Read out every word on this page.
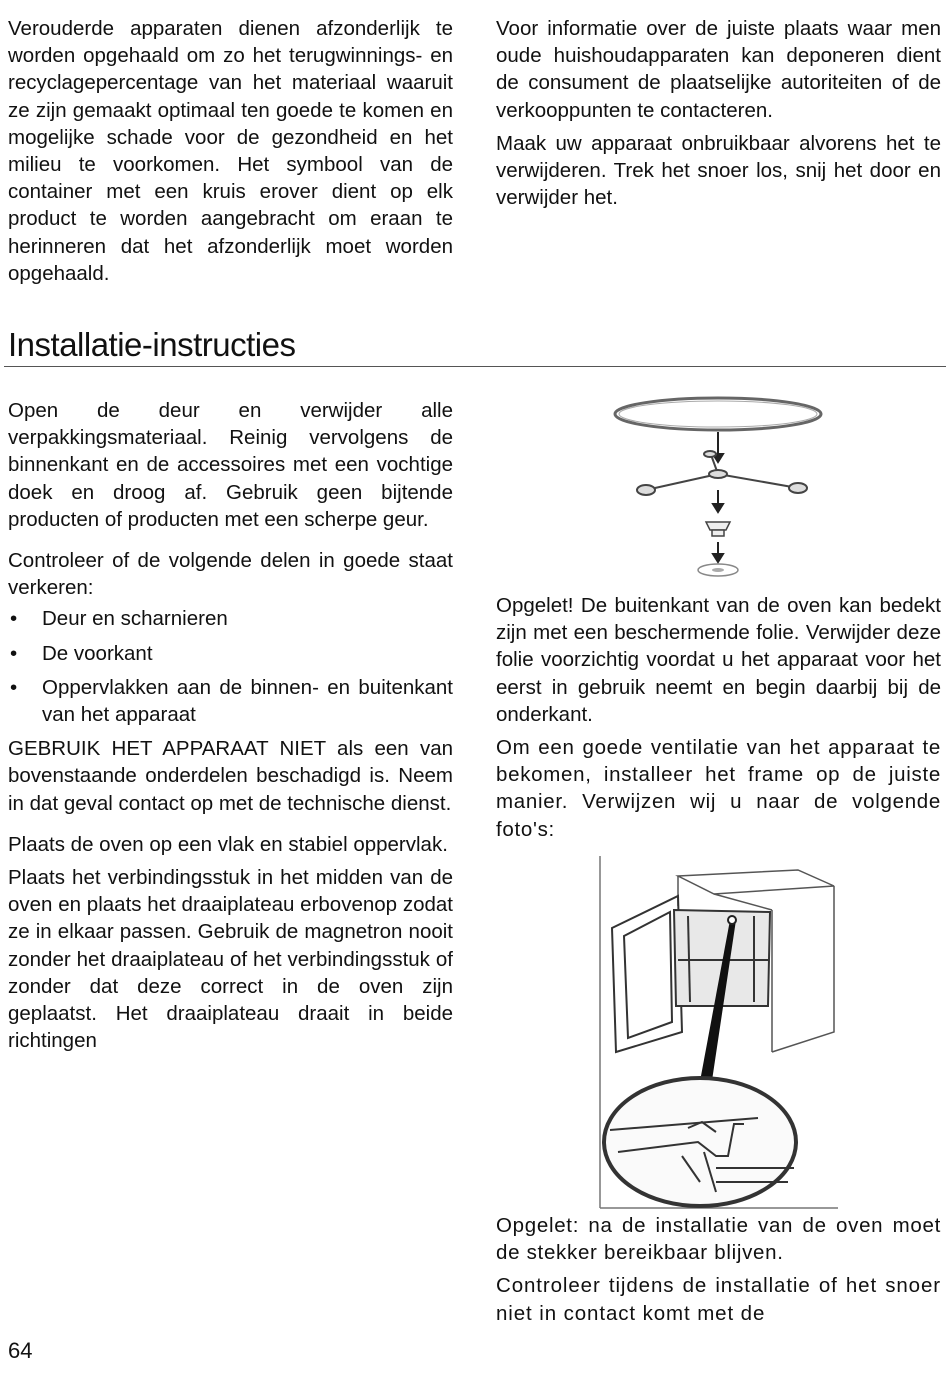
Verouderde apparaten dienen afzonderlijk te worden opgehaald om zo het terugwinnings- en recyclagepercentage van het materiaal waaruit ze zijn gemaakt optimaal ten goede te komen en mogelijke schade voor de gezondheid en het milieu te voorkomen. Het symbool van de container met een kruis erover dient op elk product te worden aangebracht om eraan te herinneren dat het afzonderlijk moet worden opgehaald.

Voor informatie over de juiste plaats waar men oude huishoudapparaten kan deponeren dient de consument de plaatselijke autoriteiten of de verkooppunten te contacteren.

Maak uw apparaat onbruikbaar alvorens het te verwijderen. Trek het snoer los, snij het door en verwijder het.

Installatie-instructies

Open de deur en verwijder alle verpakkingsmateriaal. Reinig vervolgens de binnenkant en de accessoires met een vochtige doek en droog af. Gebruik geen bijtende producten of producten met een scherpe geur.

Controleer of de volgende delen in goede staat verkeren:

• Deur en scharnieren
• De voorkant
• Oppervlakken aan de binnen- en buitenkant van het apparaat

GEBRUIK HET APPARAAT NIET als een van bovenstaande onderdelen beschadigd is. Neem in dat geval contact op met de technische dienst.

Plaats de oven op een vlak en stabiel oppervlak.

Plaats het verbindingsstuk in het midden van de oven en plaats het draaiplateau erbovenop zodat ze in elkaar passen. Gebruik de magnetron nooit zonder het draaiplateau of het verbindingsstuk of zonder dat deze correct in de oven zijn geplaatst. Het draaiplateau draait in beide richtingen

Opgelet! De buitenkant van de oven kan bedekt zijn met een beschermende folie. Verwijder deze folie voorzichtig voordat u het apparaat voor het eerst in gebruik neemt en begin daarbij bij de onderkant.

Om een goede ventilatie van het apparaat te bekomen, installeer het frame op de juiste manier. Verwijzen wij u naar de volgende foto's:

Opgelet: na de installatie van de oven moet de stekker bereikbaar blijven.

Controleer tijdens de installatie of het snoer niet in contact komt met de

64
